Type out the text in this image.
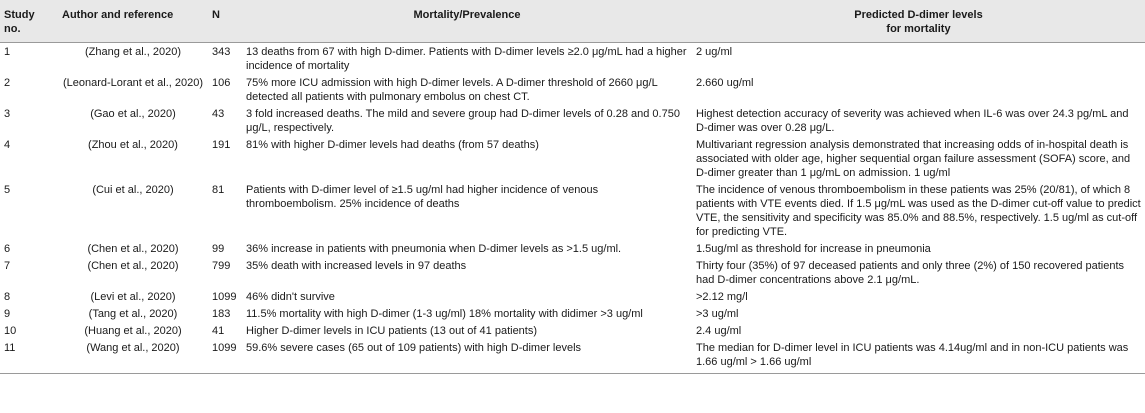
Study no.	Author and reference	N	Mortality/Prevalence	Predicted D-dimer levels
for mortality

1	(Zhang et al., 2020)	343	13 deaths from 67 with high D-dimer. Patients with D-dimer levels ≥2.0 μg/mL had a higher incidence of mortality	2 ug/ml
2	(Leonard-Lorant et al., 2020)	106	75% more ICU admission with high D-dimer levels. A D-dimer threshold of 2660 μg/L detected all patients with pulmonary embolus on chest CT.	2.660 ug/ml
3	(Gao et al., 2020)	43	3 fold increased deaths. The mild and severe group had D-dimer levels of 0.28 and 0.750 μg/L, respectively.	Highest detection accuracy of severity was achieved when IL-6 was over 24.3 pg/mL and D-dimer was over 0.28 μg/L.
4	(Zhou et al., 2020)	191	81% with higher D-dimer levels had deaths (from 57 deaths)	Multivariant regression analysis demonstrated that increasing odds of in-hospital death is associated with older age, higher sequential organ failure assessment (SOFA) score, and D-dimer greater than 1 μg/mL on admission. 1 ug/ml
5	(Cui et al., 2020)	81	Patients with D-dimer level of ≥1.5 ug/ml had higher incidence of venous thromboembolism. 25% incidence of deaths	The incidence of venous thromboembolism in these patients was 25% (20/81), of which 8 patients with VTE events died. If 1.5 μg/mL was used as the D-dimer cut-off value to predict VTE, the sensitivity and specificity was 85.0% and 88.5%, respectively. 1.5 ug/ml as cut-off for predicting VTE.
6	(Chen et al., 2020)	99	36% increase in patients with pneumonia when D-dimer levels as >1.5 ug/ml.	1.5ug/ml as threshold for increase in pneumonia
7	(Chen et al., 2020)	799	35% death with increased levels in 97 deaths	Thirty four (35%) of 97 deceased patients and only three (2%) of 150 recovered patients had D-dimer concentrations above 2.1 μg/mL.
8	(Levi et al., 2020)	1099	46% didn't survive	>2.12 mg/l
9	(Tang et al., 2020)	183	11.5% mortality with high D-dimer (1-3 ug/ml) 18% mortality with didimer >3 ug/ml	>3 ug/ml
10	(Huang et al., 2020)	41	Higher D-dimer levels in ICU patients (13 out of 41 patients)	2.4 ug/ml
11	(Wang et al., 2020)	1099	59.6% severe cases (65 out of 109 patients) with high D-dimer levels	The median for D-dimer level in ICU patients was 4.14ug/ml and in non-ICU patients was 1.66 ug/ml > 1.66 ug/ml
